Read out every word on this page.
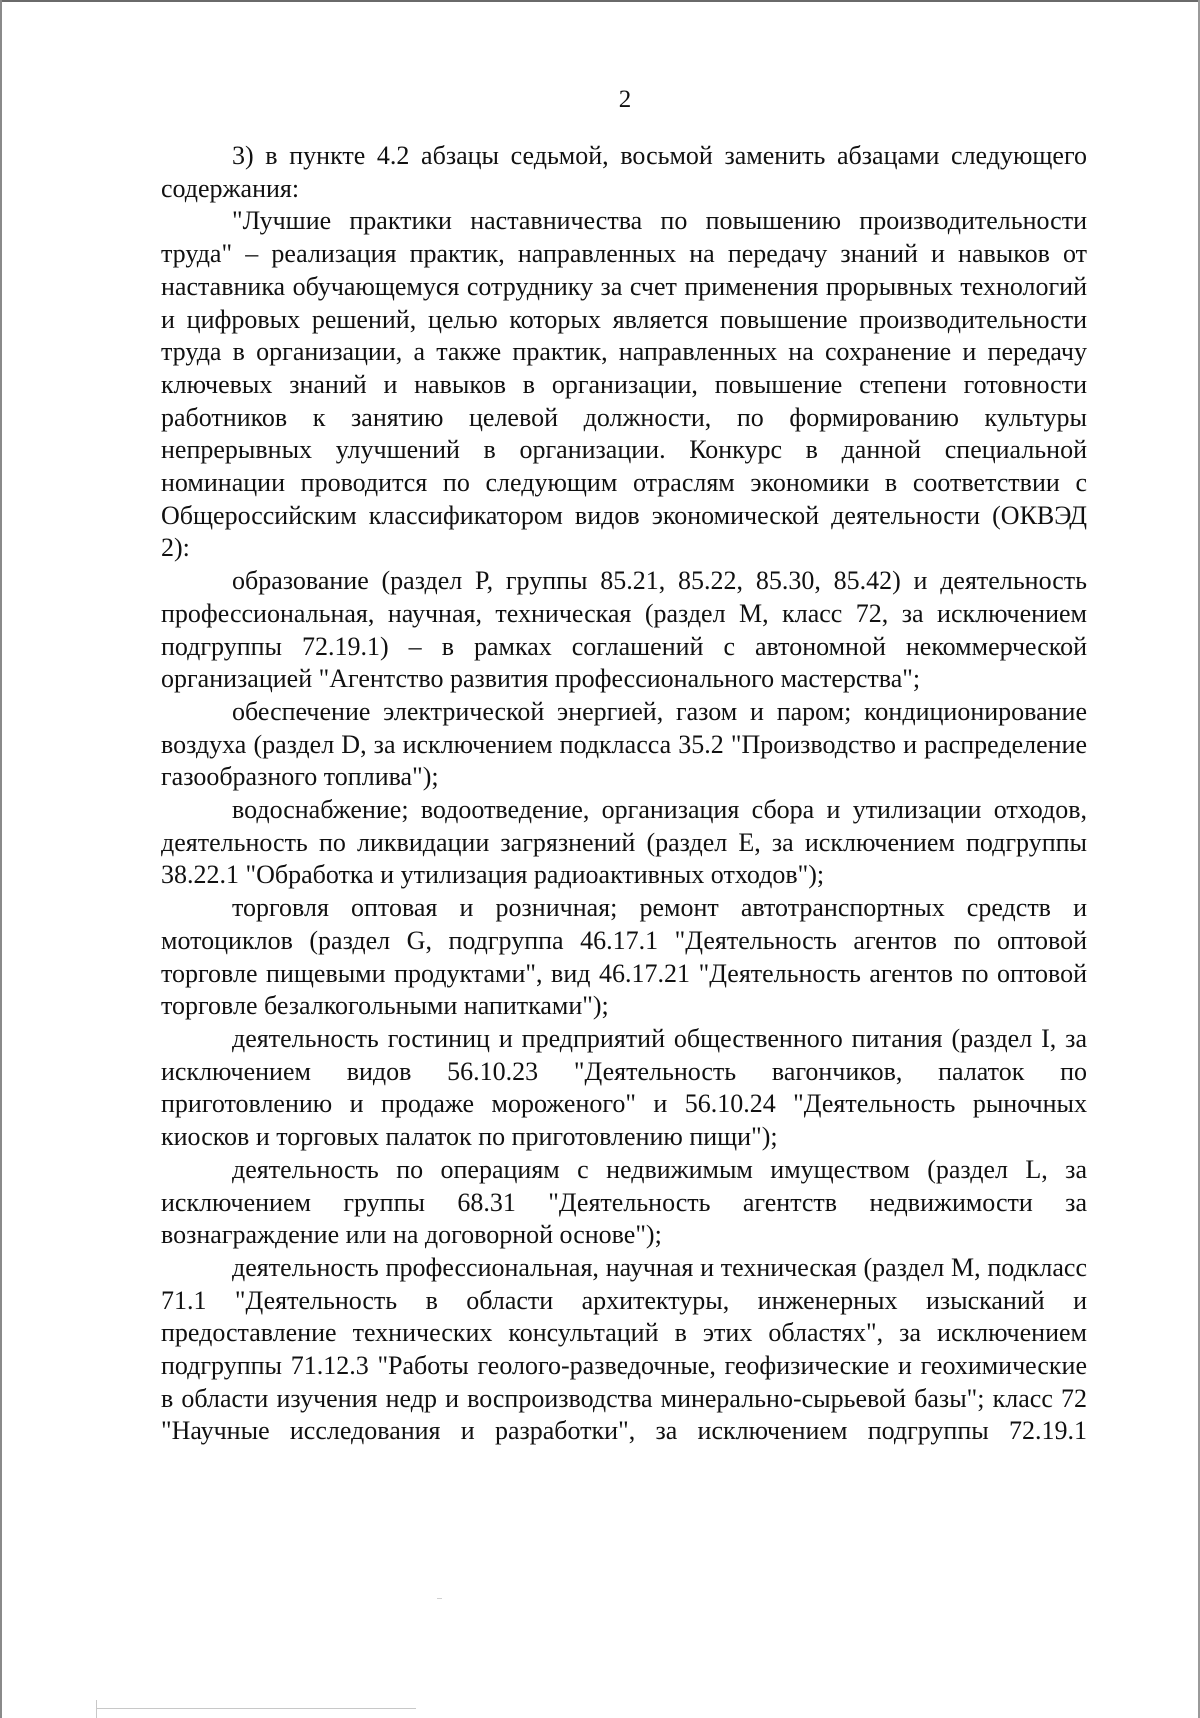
2

3) в пункте 4.2 абзацы седьмой, восьмой заменить абзацами следующего содержания:

"Лучшие практики наставничества по повышению производительности труда" – реализация практик, направленных на передачу знаний и навыков от наставника обучающемуся сотруднику за счет применения прорывных технологий и цифровых решений, целью которых является повышение производительности труда в организации, а также практик, направленных на сохранение и передачу ключевых знаний и навыков в организации, повышение степени готовности работников к занятию целевой должности, по формированию культуры непрерывных улучшений в организации. Конкурс в данной специальной номинации проводится по следующим отраслям экономики в соответствии с Общероссийским классификатором видов экономической деятельности (ОКВЭД 2):

образование (раздел P, группы 85.21, 85.22, 85.30, 85.42) и деятельность профессиональная, научная, техническая (раздел М, класс 72, за исключением подгруппы 72.19.1) – в рамках соглашений с автономной некоммерческой организацией "Агентство развития профессионального мастерства";

обеспечение электрической энергией, газом и паром; кондиционирование воздуха (раздел D, за исключением подкласса 35.2 "Производство и распределение газообразного топлива");

водоснабжение; водоотведение, организация сбора и утилизации отходов, деятельность по ликвидации загрязнений (раздел E, за исключением подгруппы 38.22.1 "Обработка и утилизация радиоактивных отходов");

торговля оптовая и розничная; ремонт автотранспортных средств и мотоциклов (раздел G, подгруппа 46.17.1 "Деятельность агентов по оптовой торговле пищевыми продуктами", вид 46.17.21 "Деятельность агентов по оптовой торговле безалкогольными напитками");

деятельность гостиниц и предприятий общественного питания (раздел I, за исключением видов 56.10.23 "Деятельность вагончиков, палаток по приготовлению и продаже мороженого" и 56.10.24 "Деятельность рыночных киосков и торговых палаток по приготовлению пищи");

деятельность по операциям с недвижимым имуществом (раздел L, за исключением группы 68.31 "Деятельность агентств недвижимости за вознаграждение или на договорной основе");

деятельность профессиональная, научная и техническая (раздел M, подкласс 71.1 "Деятельность в области архитектуры, инженерных изысканий и предоставление технических консультаций в этих областях", за исключением подгруппы 71.12.3 "Работы геолого-разведочные, геофизические и геохимические в области изучения недр и воспроизводства минерально-сырьевой базы"; класс 72 "Научные исследования и разработки", за исключением подгруппы 72.19.1
